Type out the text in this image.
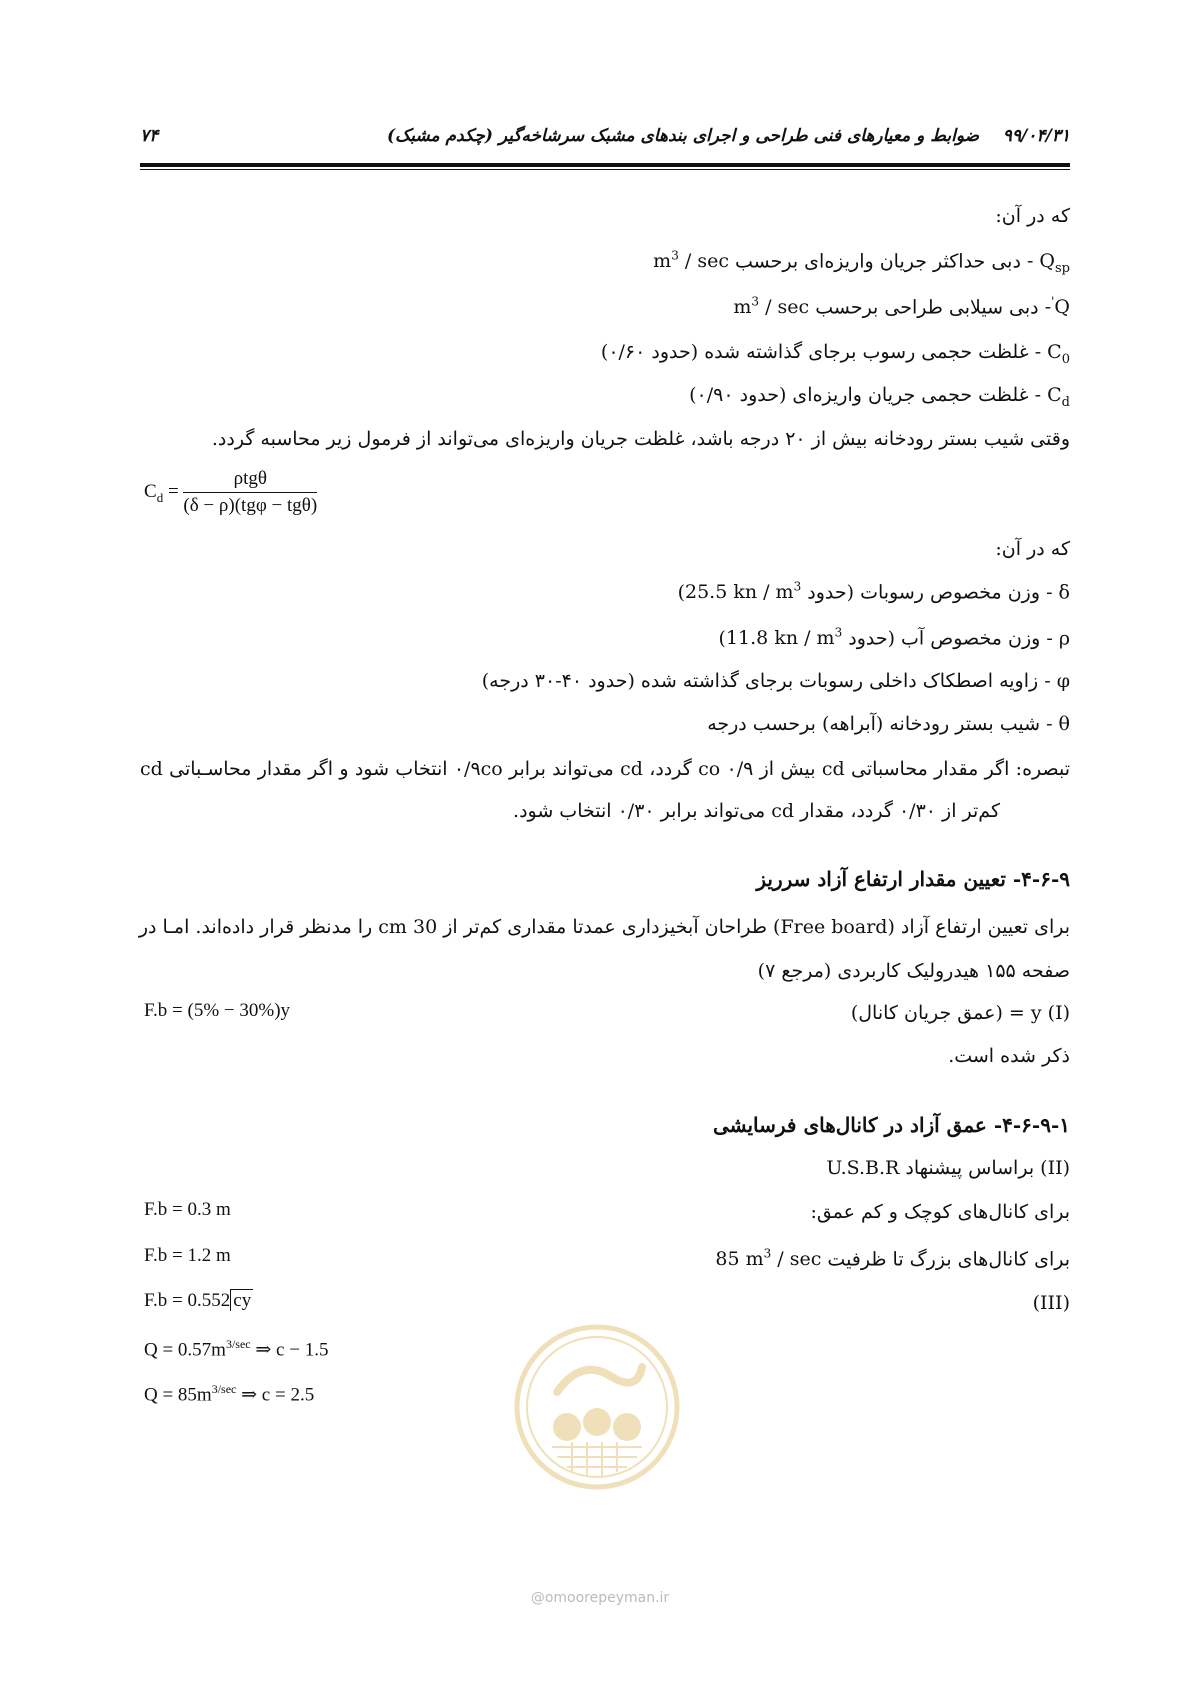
۷۴	۹۹/۰۴/۳۱    ضوابط و معیارهای فنی طراحی و اجرای بندهای مشبک سرشاخه‌گیر (چکدم مشبک)
که در آن:
$Q_{sp}$ - دبی حداکثر جریان واریزه‌ای برحسب $m^3$ / sec
Q'- دبی سیلابی طراحی برحسب $m^3$ / sec
$C_0$ - غلظت حجمی رسوب برجای گذاشته شده (حدود ۰/۶۰)
$C_d$ - غلظت حجمی جریان واریزه‌ای (حدود ۰/۹۰)
وقتی شیب بستر رودخانه بیش از ۲۰ درجه باشد، غلظت جریان واریزه‌ای می‌تواند از فرمول زیر محاسبه گردد.
$C_d = \frac{\text{ρtgθ}}{\text{(δ − ρ)(tgφ − tgθ)}}$
که در آن:
δ - وزن مخصوص رسوبات (حدود 25.5 kn / $m^3$)
ρ - وزن مخصوص آب (حدود 11.8 kn / $m^3$)
φ - زاویه اصطکاک داخلی رسوبات برجای گذاشته شده (حدود ۴۰-۳۰ درجه)
θ - شیب بستر رودخانه (آبراهه) برحسب درجه
تبصره: اگر مقدار محاسباتی cd بیش از ۰/۹ co گردد، cd می‌تواند برابر ۰/۹co انتخاب شود و اگر مقدار محاسـباتی cd
کم‌تر از ۰/۳۰ گردد، مقدار cd می‌تواند برابر ۰/۳۰ انتخاب شود.
۴-۶-۹- تعیین مقدار ارتفاع آزاد سرریز
برای تعیین ارتفاع آزاد (Free board) طراحان آبخیزداری عمدتا مقداری کم‌تر از 30 cm را مدنظر قرار داده‌اند. امـا در
صفحه ۱۵۵ هیدرولیک کاربردی (مرجع ۷)
F.b = (5% − 30%)y	(I) y = (عمق جریان کانال)
ذکر شده است.
۴-۶-۹-۱- عمق آزاد در کانال‌های فرسایشی
(II) براساس پیشنهاد U.S.B.R
F.b = 0.3 m	برای کانال‌های کوچک و کم عمق:
F.b = 1.2 m	برای کانال‌های بزرگ تا ظرفیت 85 $m^3$ / sec
F.b = 0.552 cy	(III)
$Q = 0.57m^{3/sec}$ ⇒ c − 1.5
$Q = 85m^{3/sec}$ ⇒ c = 2.5
@omoorepeyman.ir
